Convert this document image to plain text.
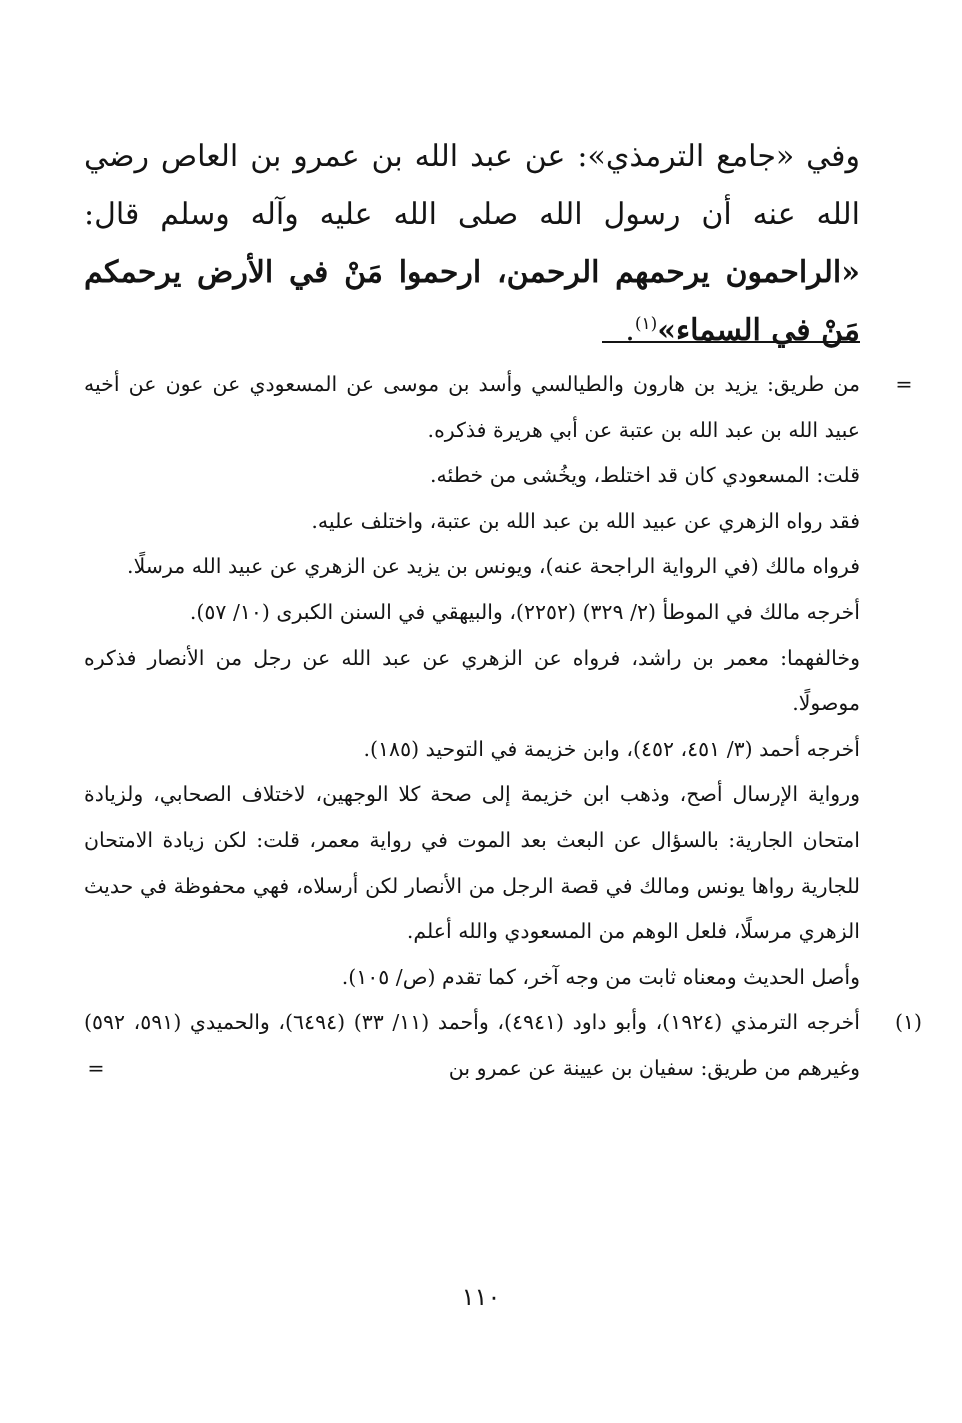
وفي «جامع الترمذي»: عن عبد الله بن عمرو بن العاص رضي الله عنه أن رسول الله صلى الله عليه وآله وسلم قال: «الراحمون يرحمهم الرحمن، ارحموا مَنْ في الأرض يرحمكم مَنْ في السماء»$^{(١)}$.
=

من طريق: يزيد بن هارون والطيالسي وأسد بن موسى عن المسعودي عن عون عن أخيه عبيد الله بن عبد الله بن عتبة عن أبي هريرة فذكره.

قلت: المسعودي كان قد اختلط، ويخُشى من خطئه.

فقد رواه الزهري عن عبيد الله بن عبد الله بن عتبة، واختلف عليه.

فرواه مالك (في الرواية الراجحة عنه)، ويونس بن يزيد عن الزهري عن عبيد الله مرسلًا.

أخرجه مالك في الموطأ (٢/ ٣٢٩) (٢٢٥٢)، والبيهقي في السنن الكبرى (١٠/ ٥٧).

وخالفهما: معمر بن راشد، فرواه عن الزهري عن عبد الله عن رجل من الأنصار فذكره موصولًا.

أخرجه أحمد (٣/ ٤٥١، ٤٥٢)، وابن خزيمة في التوحيد (١٨٥).

ورواية الإرسال أصح، وذهب ابن خزيمة إلى صحة كلا الوجهين، لاختلاف الصحابي، ولزيادة امتحان الجارية: بالسؤال عن البعث بعد الموت في رواية معمر، قلت: لكن زيادة الامتحان للجارية رواها يونس ومالك في قصة الرجل من الأنصار لكن أرسلاه، فهي محفوظة في حديث الزهري مرسلًا، فلعل الوهم من المسعودي والله أعلم.

وأصل الحديث ومعناه ثابت من وجه آخر، كما تقدم (ص/ ١٠٥).

(١)

أخرجه الترمذي (١٩٢٤)، وأبو داود (٤٩٤١)، وأحمد (١١/ ٣٣) (٦٤٩٤)، والحميدي (٥٩١، ٥٩٢) وغيرهم من طريق: سفيان بن عيينة عن عمرو بن

=
١١٠
